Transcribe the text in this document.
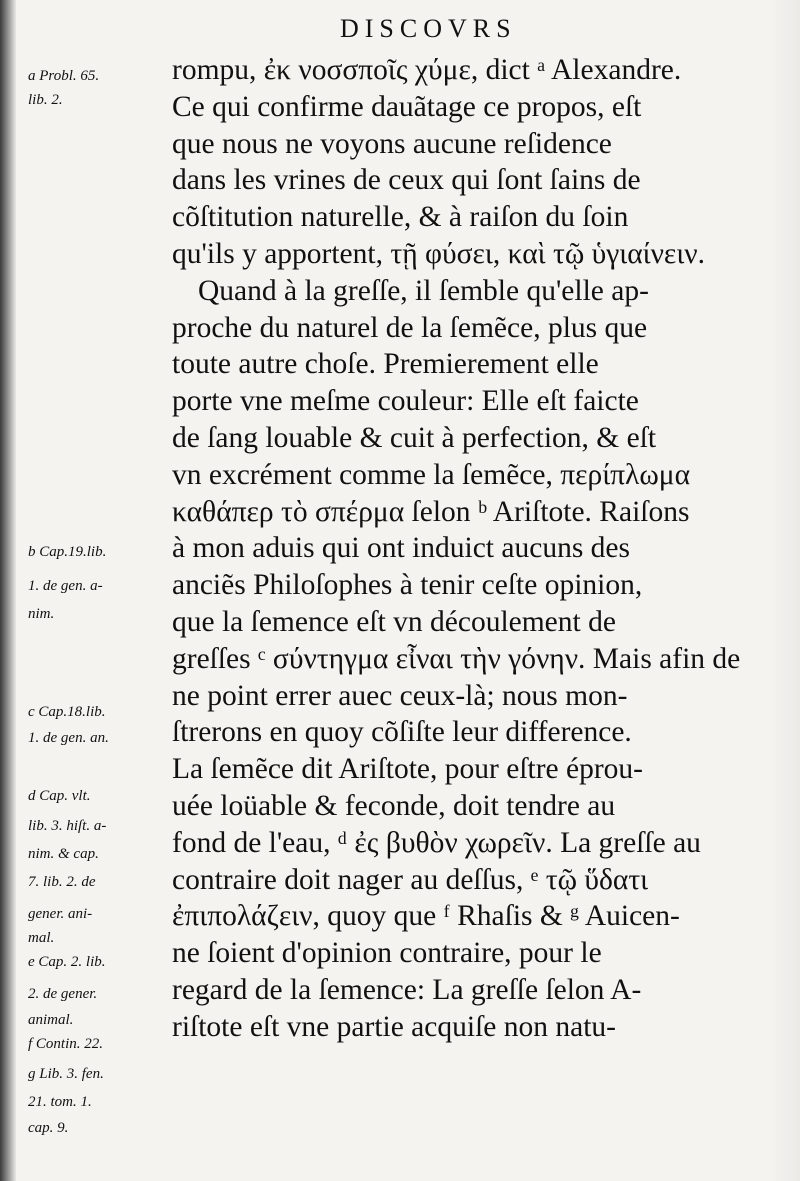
DISCOVRS
a Probl. 65.
lib. 2.
b Cap.19.lib.
1. de gen. a-
nim.
c Cap.18.lib.
1. de gen. an.
d Cap. vlt.
lib. 3. hiſt. a-
nim. & cap.
7. lib. 2. de
gener. ani-
mal.
e Cap. 2. lib.
2. de gener.
animal.
f Contin. 22.
g Lib. 3. fen.
21. tom. 1.
cap. 9.
rompu, ἐκ νοσσποῖς χύμε, dict ᵃ Alexandre.
Ce qui confirme dauãtage ce propos, eſt
que nous ne voyons aucune reſidence
dans les vrines de ceux qui ſont ſains de
cõſtitution naturelle, & à raiſon du ſoin
qu'ils y apportent, τῇ φύσει, καὶ τῷ ὑγιαίνειν.
Quand à la greſſe, il ſemble qu'elle ap-
proche du naturel de la ſemẽce, plus que
toute autre choſe. Premierement elle
porte vne meſme couleur: Elle eſt faicte
de ſang louable & cuit à perfection, & eſt
vn excrément comme la ſemẽce, περίπλωμα
καθάπερ τὸ σπέρμα ſelon ᵇ Ariſtote. Raiſons
à mon aduis qui ont induict aucuns des
anciẽs Philoſophes à tenir ceſte opinion,
que la ſemence eſt vn découlement de
greſſes ᶜ σύντηγμα εἶναι τὴν γόνην. Mais afin de
ne point errer auec ceux-là; nous mon-
ſtrerons en quoy cõſiſte leur difference.
La ſemẽce dit Ariſtote, pour eſtre éprou-
uée loüable & feconde, doit tendre au
fond de l'eau, ᵈ ἐς βυθὸν χωρεῖν. La greſſe au
contraire doit nager au deſſus, ᵉ τῷ ὕδατι
ἐπιπολάζειν, quoy que ᶠ Rhaſis & ᵍ Auicen-
ne ſoient d'opinion contraire, pour le
regard de la ſemence: La greſſe ſelon A-
riſtote eſt vne partie acquiſe non natu-
